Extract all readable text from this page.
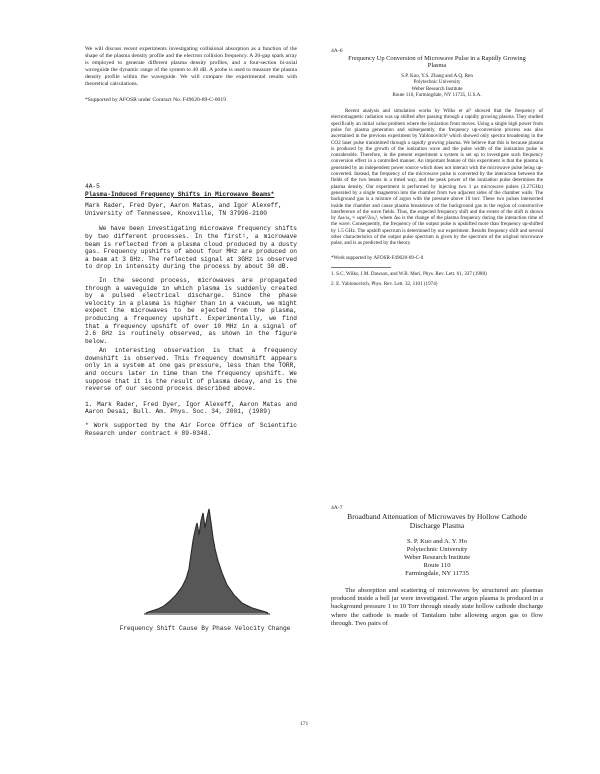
We will discuss recent experiments investigating collisional absorption as a function of the shape of the plasma density profile and the electron collision frequency. A 20-gap spark array is employed to generate different plasma density profiles, and a four-section bi-axial waveguide the dynamic range of the system to 40 dB. A probe is used to measure the plasma density profile within the waveguide. We will compare the experimental results with theoretical calculations.

*Supported by AFOSR under Contract No. F49620-89-C-0019

4A-5
Plasma-Induced Frequency Shifts in Microwave Beams*
Mark Rader, Fred Dyer, Aaron Matas, and Igor Alexeff, University of Tennessee, Knoxville, TN 37996-2100

We have been investigating microwave frequency shifts by two different processes. In the first¹, a microwave beam is reflected from a plasma cloud produced by a dusty gas. Frequency upshifts of about four MHz are produced on a beam at 3 GHz. The reflected signal at 3GHz is observed to drop in intensity during the process by about 30 dB.

In the second process, microwaves are propagated through a waveguide in which plasma is suddenly created by a pulsed electrical discharge. Since the phase velocity in a plasma is higher than in a vacuum, we might expect the microwaves to be ejected from the plasma, producing a frequency upshift. Experimentally, we find that a frequency upshift of over 10 MHz in a signal of 2.6 GHz is routinely observed, as shown in the figure below.

An interesting observation is that a frequency downshift is observed. This frequency downshift appears only in a system at one gas pressure, less than the TORR, and occurs later in time than the frequency upshift. We suppose that it is the result of plasma decay, and is the reverse of our second process described above.

1. Mark Rader, Fred Dyer, Igor Alexeff, Aaron Matas and Aaron Desai, Bull. Am. Phys. Soc. 34, 2001, (1989)

* Work supported by the Air Force Office of Scientific Research under contract # 89-0348.

Frequency Shift Cause By Phase Velocity Change
4A-6
Frequency Up Conversion of Microwave Pulse in a Rapidly Growing Plasma
S.P. Kuo, Y.S. Zhang and A.Q. Ren
Polytechnic University
Weber Research Institute
Route 110, Farmingdale, NY 11735, U.S.A.

Recent analysis and simulation works by Wilks et al¹ showed that the frequency of electromagnetic radiation was up shifted after passing through a rapidly growing plasma. They studied specifically an initial value problem where the ionization front moves. Using a single high power from pulse for plasma generation and subsequently, the frequency up-conversion process was also ascertained in the previous experiment by Yablonovitch² which showed only spectra broadening in the CO2 laser pulse transmitted through a rapidly growing plasma. We believe that this is because plasma is produced by the growth of the ionization wave and the pulse width of the ionization pulse is considerable. Therefore, in the present experiment a system is set up to investigate such frequency conversion effect in a controlled manner. An important feature of this experiment is that the plasma is generated by an independent power source which does not interact with the microwave pulse being up-converted. Instead, the frequency of the microwave pulse is converted by the interaction between the fields of the two beams in a timed way, and the peak power of the ionization pulse determines the plasma density. Our experiment is performed by injecting two 1 μs microwave pulses (3.27GHz) generated by a single magnetron into the chamber from two adjacent sides of the chamber walls. The background gas is a mixture of argon with the pressure above 10 torr. These two pulses intersected inside the chamber and cause plasma breakdown of the background gas in the region of constructive interference of the wave fields. Thus, the expected frequency shift and the extent of the shift is shown by Δω/ω₀ ≈ ωpe²/2ω₀², where Δω is the change of the plasma frequency during the interaction time of the wave. Consequently, the frequency of the output pulse is upshifted more than frequency up-shifted by 1.5 GHz. The upshift spectrum is determined by our experiment. Results frequency shift and several other characteristics of the output pulse spectrum is given by the spectrum of the original microwave pulse, and is as predicted by the theory.

*Work supported by AFOSR-F49620-89-C-0

1. S.C. Wilks, J.M. Dawson, and W.B. Mori, Phys. Rev. Lett. 61, 337 (1988)

2. E. Yablonovitch, Phys. Rev. Lett. 32, 1101 (1974)

4A-7
Broadband Attenuation of Microwaves by Hollow Cathode Discharge Plasma
S. P. Kuo and A. Y. Ho
Polytechnic University
Weber Research Institute
Route 110
Farmingdale, NY 11735

The absorption and scattering of microwaves by structured arc plasmas produced inside a bell jar were investigated. The argon plasma is produced in a background pressure 1 to 10 Torr through steady state hollow cathode discharge where the cathode is made of Tantalum tube allowing argon gas to flow through. Two pairs of

171
